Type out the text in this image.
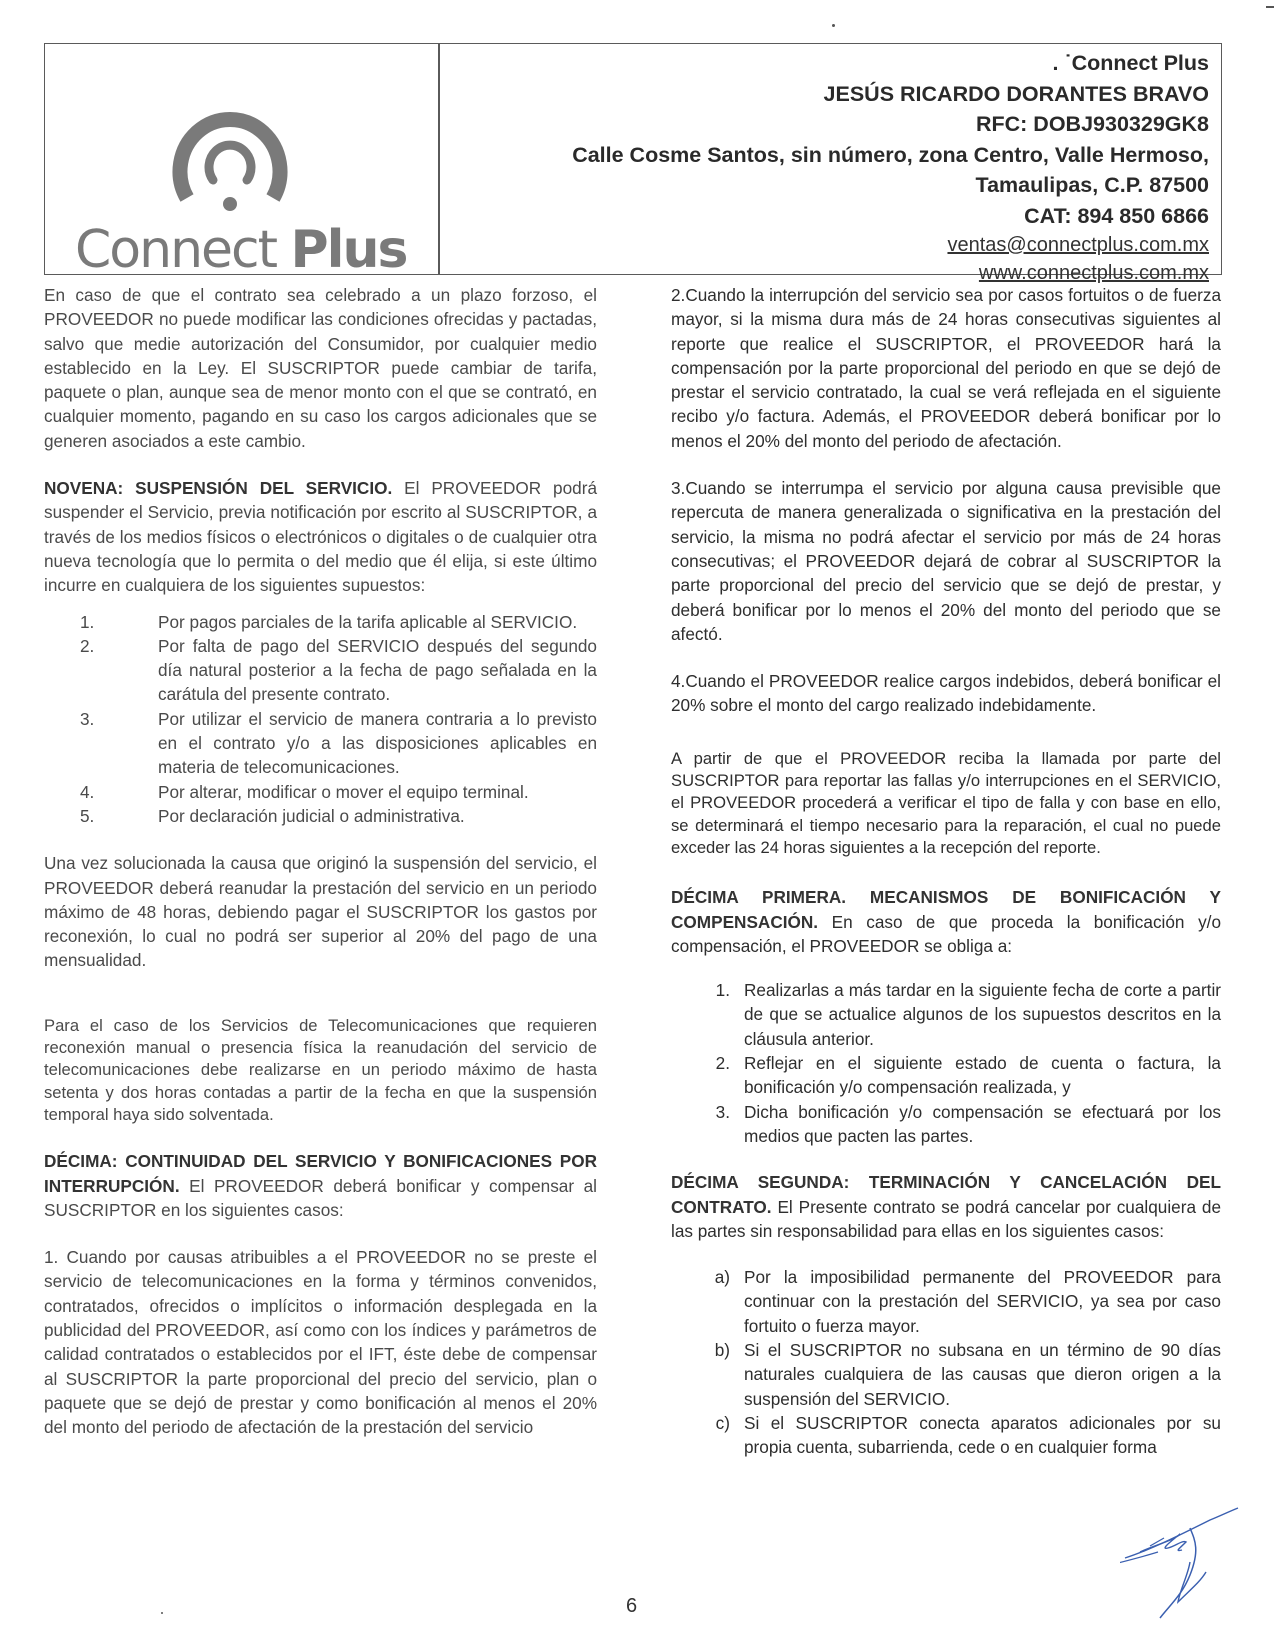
Connect Plus
. ˙Connect Plus
JESÚS RICARDO DORANTES BRAVO
RFC: DOBJ930329GK8
Calle Cosme Santos, sin número, zona Centro, Valle Hermoso,
Tamaulipas, C.P. 87500
CAT: 894 850 6866
ventas@connectplus.com.mx
www.connectplus.com.mx

En caso de que el contrato sea celebrado a un plazo forzoso, el PROVEEDOR no puede modificar las condiciones ofrecidas y pactadas, salvo que medie autorización del Consumidor, por cualquier medio establecido en la Ley. El SUSCRIPTOR puede cambiar de tarifa, paquete o plan, aunque sea de menor monto con el que se contrató, en cualquier momento, pagando en su caso los cargos adicionales que se generen asociados a este cambio.

NOVENA: SUSPENSIÓN DEL SERVICIO. El PROVEEDOR podrá suspender el Servicio, previa notificación por escrito al SUSCRIPTOR, a través de los medios físicos o electrónicos o digitales o de cualquier otra nueva tecnología que lo permita o del medio que él elija, si este último incurre en cualquiera de los siguientes supuestos:

1.	Por pagos parciales de la tarifa aplicable al SERVICIO.
2.	Por falta de pago del SERVICIO después del segundo día natural posterior a la fecha de pago señalada en la carátula del presente contrato.
3.	Por utilizar el servicio de manera contraria a lo previsto en el contrato y/o a las disposiciones aplicables en materia de telecomunicaciones.
4.	Por alterar, modificar o mover el equipo terminal.
5.	Por declaración judicial o administrativa.

Una vez solucionada la causa que originó la suspensión del servicio, el PROVEEDOR deberá reanudar la prestación del servicio en un periodo máximo de 48 horas, debiendo pagar el SUSCRIPTOR los gastos por reconexión, lo cual no podrá ser superior al 20% del pago de una mensualidad.

Para el caso de los Servicios de Telecomunicaciones que requieren reconexión manual o presencia física la reanudación del servicio de telecomunicaciones debe realizarse en un periodo máximo de hasta setenta y dos horas contadas a partir de la fecha en que la suspensión temporal haya sido solventada.

DÉCIMA: CONTINUIDAD DEL SERVICIO Y BONIFICACIONES POR INTERRUPCIÓN. El PROVEEDOR deberá bonificar y compensar al SUSCRIPTOR en los siguientes casos:

1. Cuando por causas atribuibles a el PROVEEDOR no se preste el servicio de telecomunicaciones en la forma y términos convenidos, contratados, ofrecidos o implícitos o información desplegada en la publicidad del PROVEEDOR, así como con los índices y parámetros de calidad contratados o establecidos por el IFT, éste debe de compensar al SUSCRIPTOR la parte proporcional del precio del servicio, plan o paquete que se dejó de prestar y como bonificación al menos el 20% del monto del periodo de afectación de la prestación del servicio

2.Cuando la interrupción del servicio sea por casos fortuitos o de fuerza mayor, si la misma dura más de 24 horas consecutivas siguientes al reporte que realice el SUSCRIPTOR, el PROVEEDOR hará la compensación por la parte proporcional del periodo en que se dejó de prestar el servicio contratado, la cual se verá reflejada en el siguiente recibo y/o factura. Además, el PROVEEDOR deberá bonificar por lo menos el 20% del monto del periodo de afectación.

3.Cuando se interrumpa el servicio por alguna causa previsible que repercuta de manera generalizada o significativa en la prestación del servicio, la misma no podrá afectar el servicio por más de 24 horas consecutivas; el PROVEEDOR dejará de cobrar al SUSCRIPTOR la parte proporcional del precio del servicio que se dejó de prestar, y deberá bonificar por lo menos el 20% del monto del periodo que se afectó.

4.Cuando el PROVEEDOR realice cargos indebidos, deberá bonificar el 20% sobre el monto del cargo realizado indebidamente.

A partir de que el PROVEEDOR reciba la llamada por parte del SUSCRIPTOR para reportar las fallas y/o interrupciones en el SERVICIO, el PROVEEDOR procederá a verificar el tipo de falla y con base en ello, se determinará el tiempo necesario para la reparación, el cual no puede exceder las 24 horas siguientes a la recepción del reporte.

DÉCIMA PRIMERA. MECANISMOS DE BONIFICACIÓN Y COMPENSACIÓN. En caso de que proceda la bonificación y/o compensación, el PROVEEDOR se obliga a:

1. Realizarlas a más tardar en la siguiente fecha de corte a partir de que se actualice algunos de los supuestos descritos en la cláusula anterior.
2. Reflejar en el siguiente estado de cuenta o factura, la bonificación y/o compensación realizada, y
3. Dicha bonificación y/o compensación se efectuará por los medios que pacten las partes.

DÉCIMA SEGUNDA: TERMINACIÓN Y CANCELACIÓN DEL CONTRATO. El Presente contrato se podrá cancelar por cualquiera de las partes sin responsabilidad para ellas en los siguientes casos:

a) Por la imposibilidad permanente del PROVEEDOR para continuar con la prestación del SERVICIO, ya sea por caso fortuito o fuerza mayor.
b) Si el SUSCRIPTOR no subsana en un término de 90 días naturales cualquiera de las causas que dieron origen a la suspensión del SERVICIO.
c) Si el SUSCRIPTOR conecta aparatos adicionales por su propia cuenta, subarrienda, cede o en cualquier forma
6
